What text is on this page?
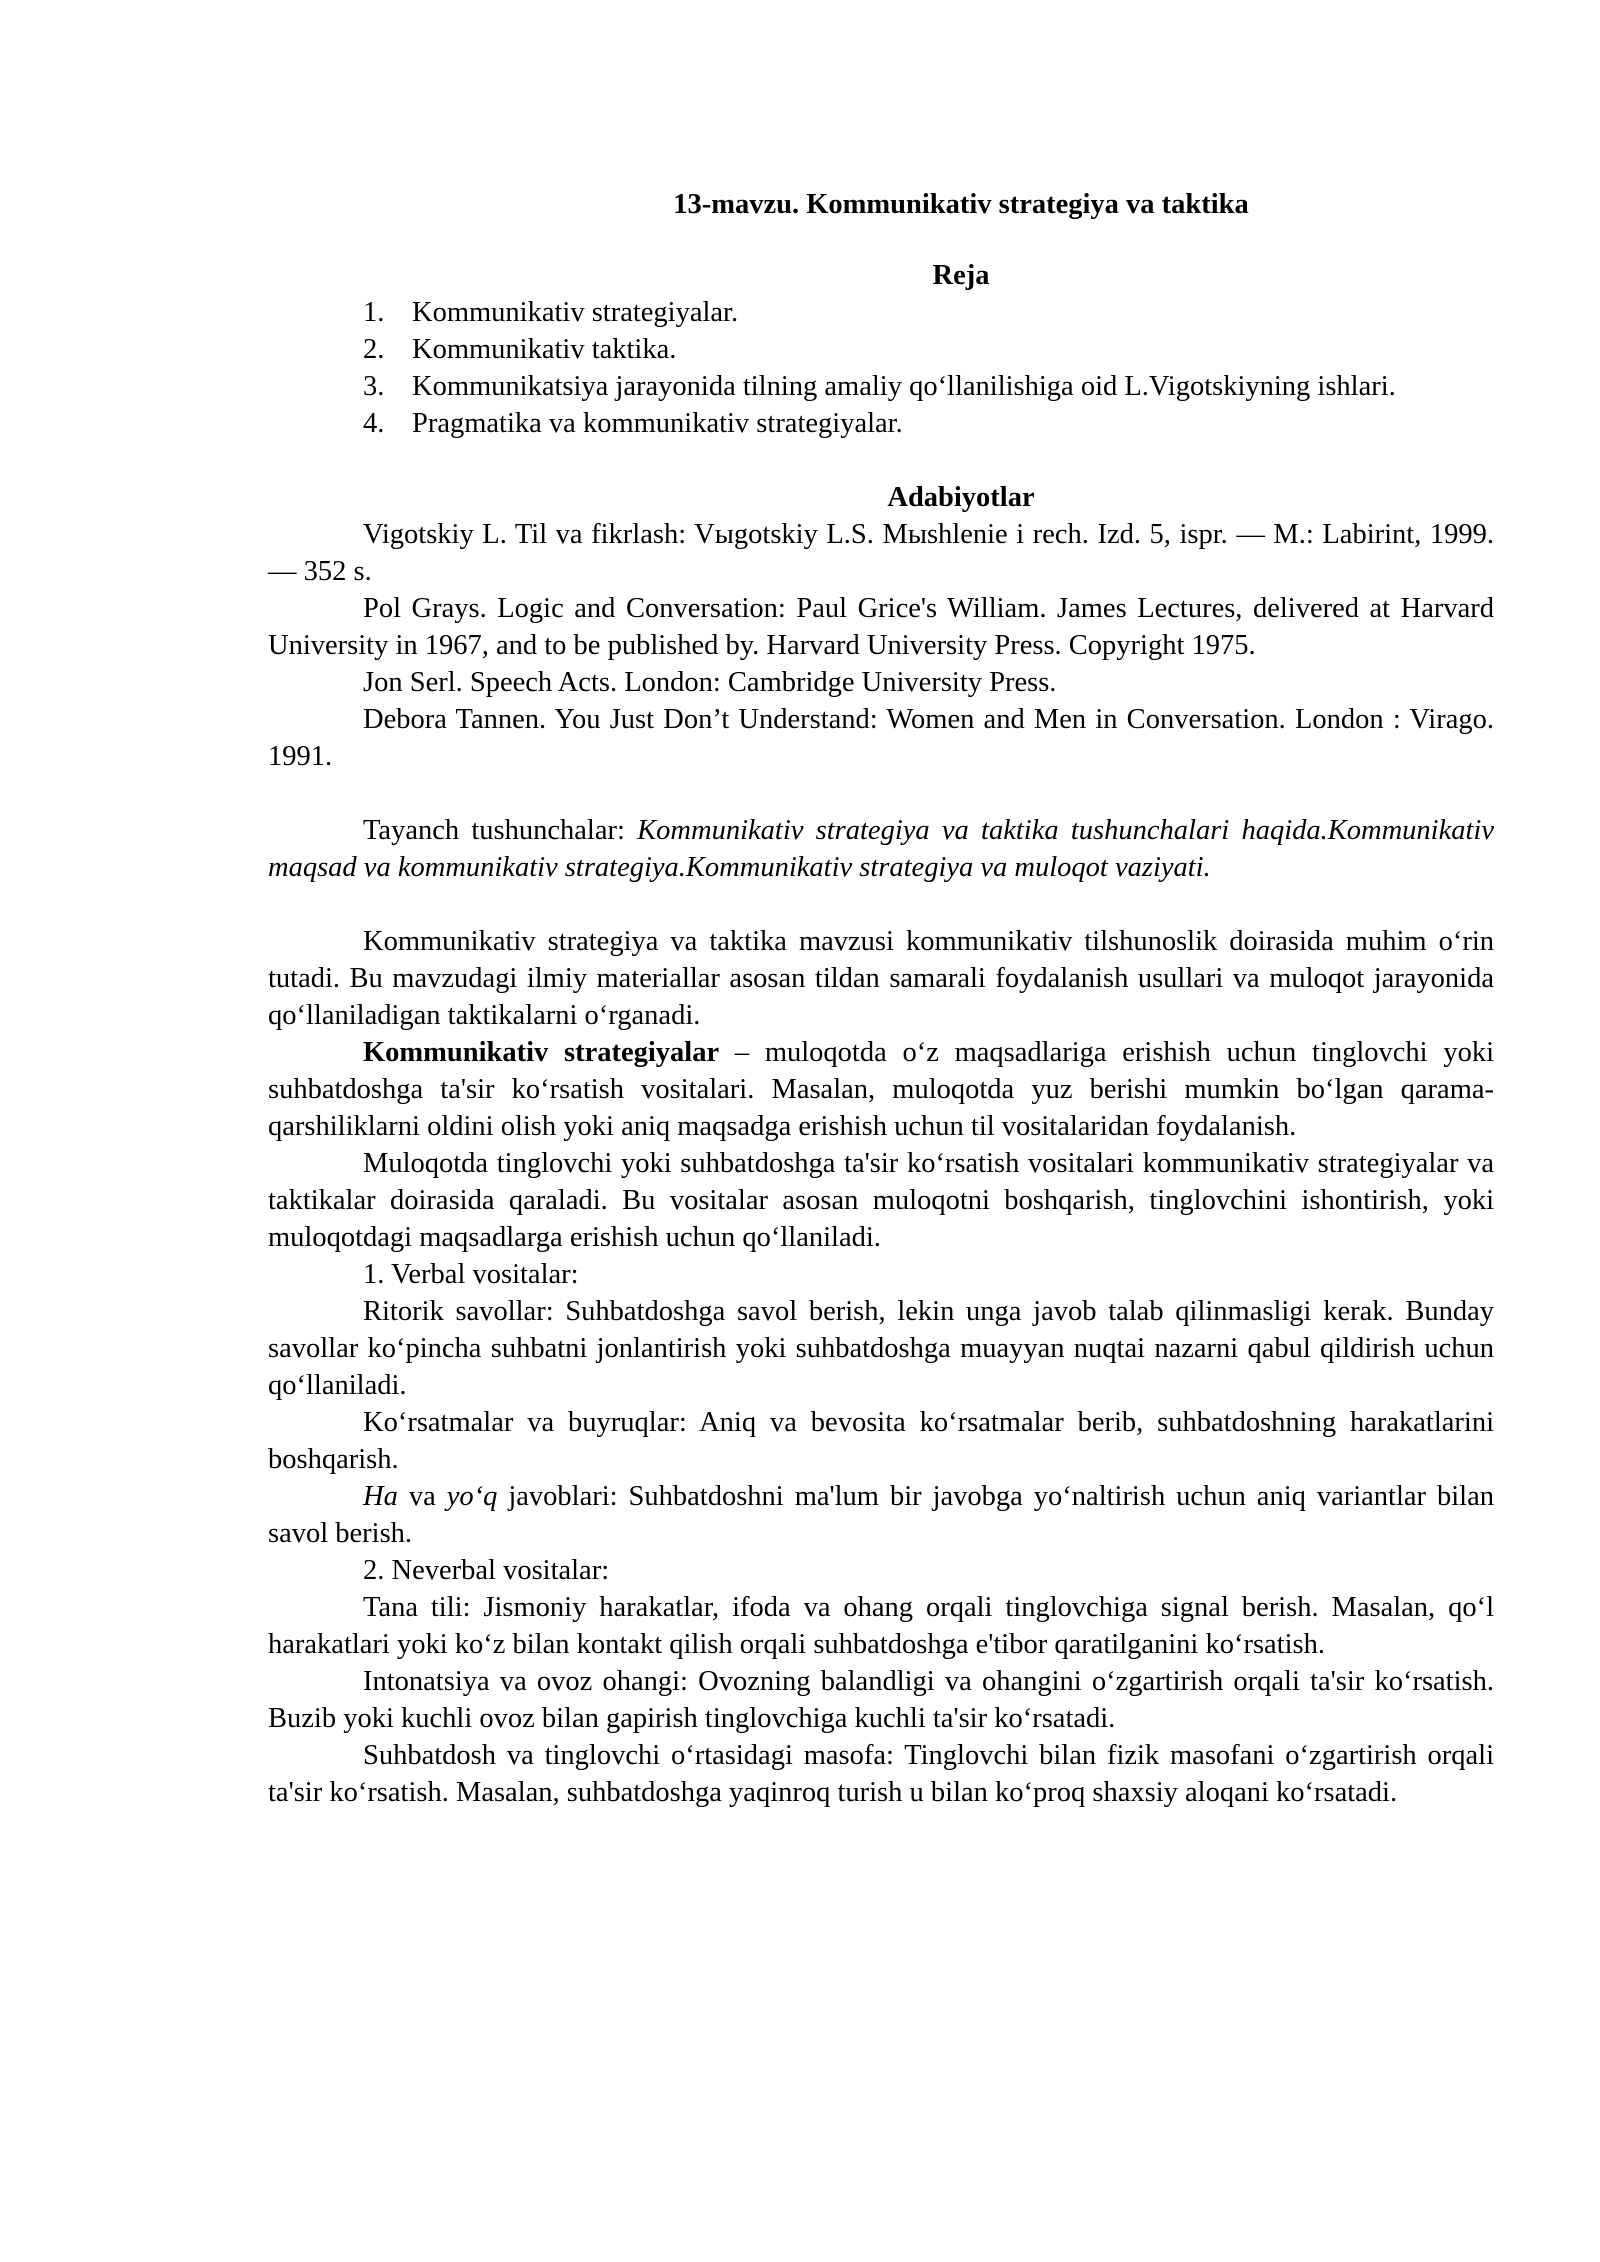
13-mavzu. Kommunikativ strategiya va taktika
Reja
1. Kommunikativ strategiyalar.
2. Kommunikativ taktika.
3. Kommunikatsiya jarayonida tilning amaliy qo‘llanilishiga oid L.Vigotskiyning ishlari.
4. Pragmatika va kommunikativ strategiyalar.
Adabiyotlar

Vigotskiy L. Til va fikrlash: Vыgotskiy L.S. Mыshlenie i rech. Izd. 5, ispr. — M.: Labirint, 1999. — 352 s.

Pol Grays. Logic and Conversation: Paul Grice's William. James Lectures, delivered at Harvard University in 1967, and to be published by. Harvard University Press. Copyright 1975.

Jon Serl. Speech Acts. London: Cambridge University Press.

Debora Tannen. You Just Don’t Understand: Women and Men in Conversation. London : Virago. 1991.

Tayanch tushunchalar: Kommunikativ strategiya va taktika tushunchalari haqida.Kommunikativ maqsad va kommunikativ strategiya.Kommunikativ strategiya va muloqot vaziyati.

Kommunikativ strategiya va taktika mavzusi kommunikativ tilshunoslik doirasida muhim o‘rin tutadi. Bu mavzudagi ilmiy materiallar asosan tildan samarali foydalanish usullari va muloqot jarayonida qo‘llaniladigan taktikalarni o‘rganadi.

Kommunikativ strategiyalar – muloqotda o‘z maqsadlariga erishish uchun tinglovchi yoki suhbatdoshga ta'sir ko‘rsatish vositalari. Masalan, muloqotda yuz berishi mumkin bo‘lgan qarama-qarshiliklarni oldini olish yoki aniq maqsadga erishish uchun til vositalaridan foydalanish.

Muloqotda tinglovchi yoki suhbatdoshga ta'sir ko‘rsatish vositalari kommunikativ strategiyalar va taktikalar doirasida qaraladi. Bu vositalar asosan muloqotni boshqarish, tinglovchini ishontirish, yoki muloqotdagi maqsadlarga erishish uchun qo‘llaniladi.

1. Verbal vositalar:

Ritorik savollar: Suhbatdoshga savol berish, lekin unga javob talab qilinmasligi kerak. Bunday savollar ko‘pincha suhbatni jonlantirish yoki suhbatdoshga muayyan nuqtai nazarni qabul qildirish uchun qo‘llaniladi.

Ko‘rsatmalar va buyruqlar: Aniq va bevosita ko‘rsatmalar berib, suhbatdoshning harakatlarini boshqarish.

Ha va yo‘q javoblari: Suhbatdoshni ma'lum bir javobga yo‘naltirish uchun aniq variantlar bilan savol berish.

2. Neverbal vositalar:

Tana tili: Jismoniy harakatlar, ifoda va ohang orqali tinglovchiga signal berish. Masalan, qo‘l harakatlari yoki ko‘z bilan kontakt qilish orqali suhbatdoshga e'tibor qaratilganini ko‘rsatish.

Intonatsiya va ovoz ohangi: Ovozning balandligi va ohangini o‘zgartirish orqali ta'sir ko‘rsatish. Buzib yoki kuchli ovoz bilan gapirish tinglovchiga kuchli ta'sir ko‘rsatadi.

Suhbatdosh va tinglovchi o‘rtasidagi masofa: Tinglovchi bilan fizik masofani o‘zgartirish orqali ta'sir ko‘rsatish. Masalan, suhbatdoshga yaqinroq turish u bilan ko‘proq shaxsiy aloqani ko‘rsatadi.
